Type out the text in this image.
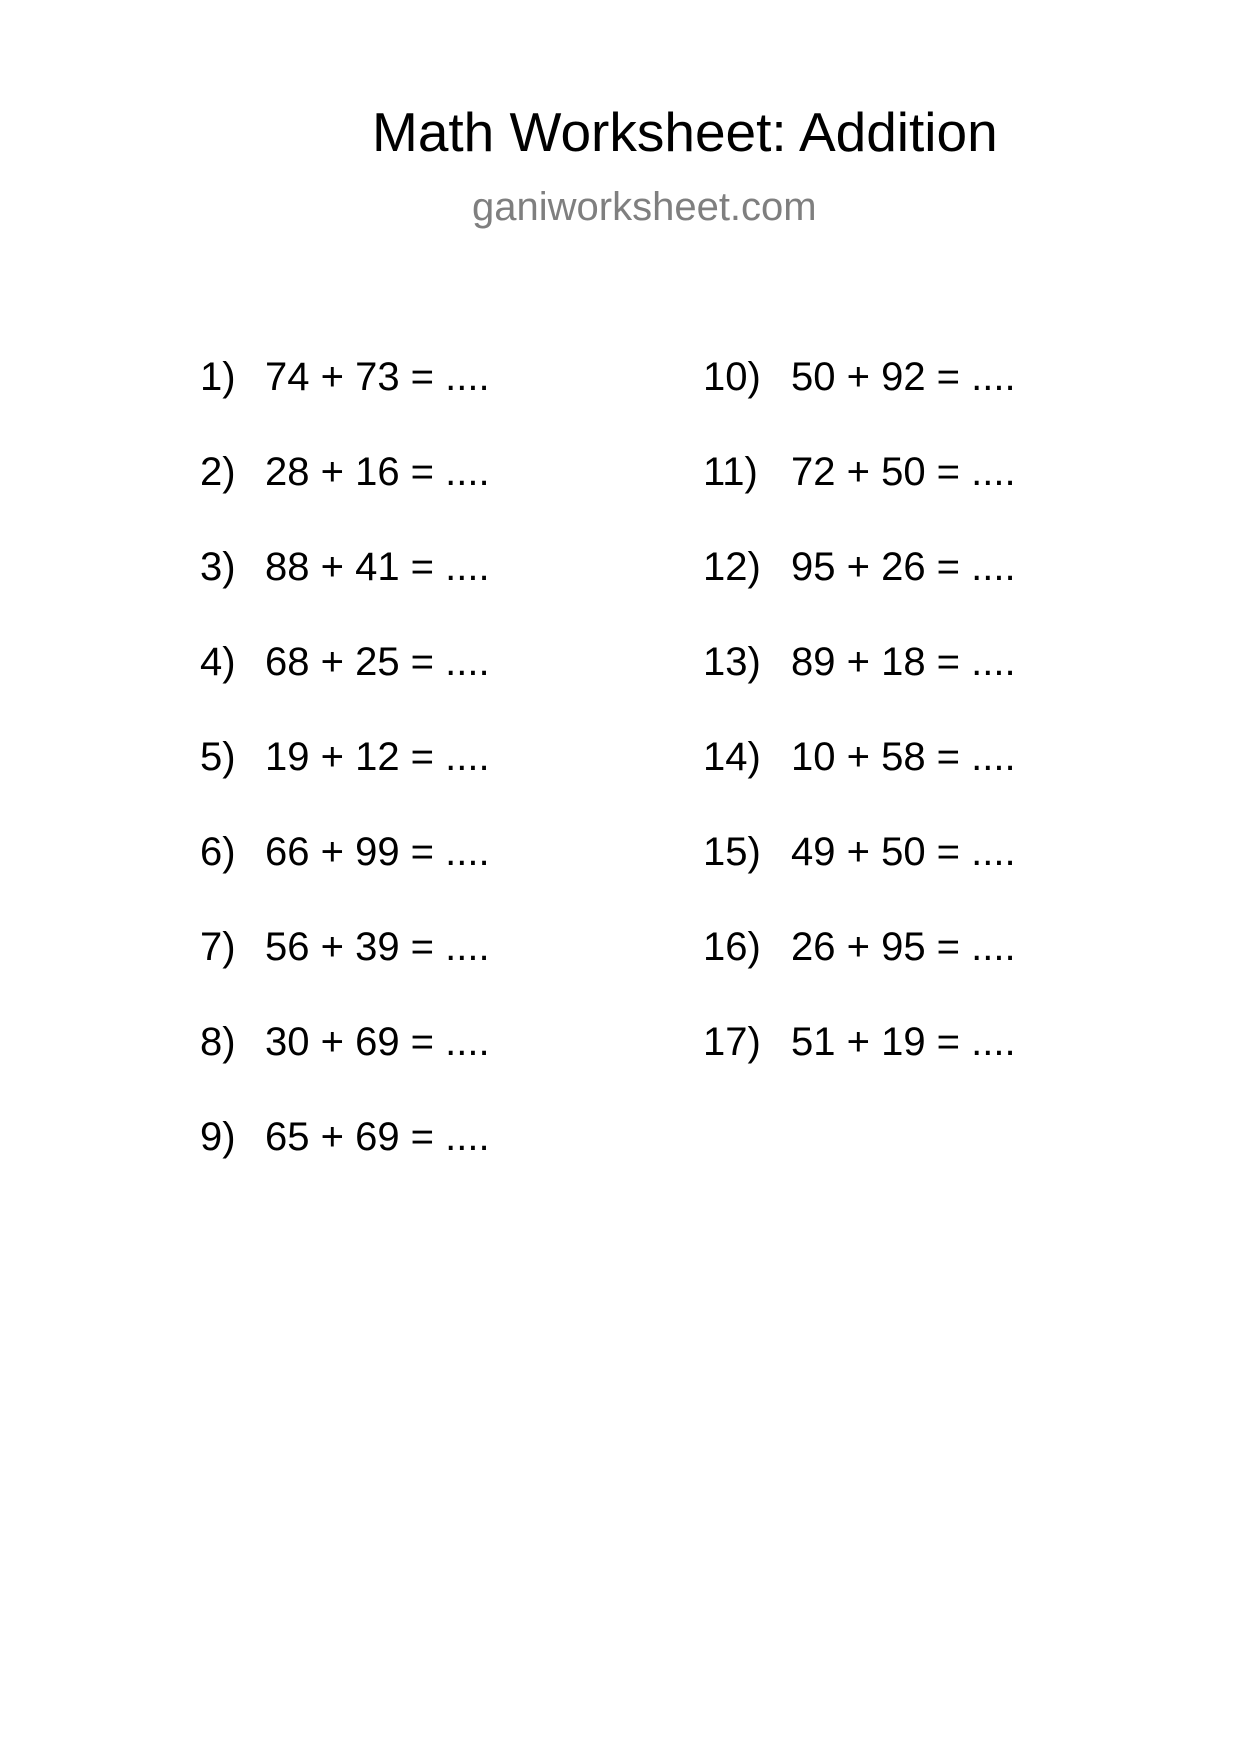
Math Worksheet: Addition
ganiworksheet.com
1) 74 + 73 = ....
2) 28 + 16 = ....
3) 88 + 41 = ....
4) 68 + 25 = ....
5) 19 + 12 = ....
6) 66 + 99 = ....
7) 56 + 39 = ....
8) 30 + 69 = ....
9) 65 + 69 = ....
10) 50 + 92 = ....
11) 72 + 50 = ....
12) 95 + 26 = ....
13) 89 + 18 = ....
14) 10 + 58 = ....
15) 49 + 50 = ....
16) 26 + 95 = ....
17) 51 + 19 = ....
